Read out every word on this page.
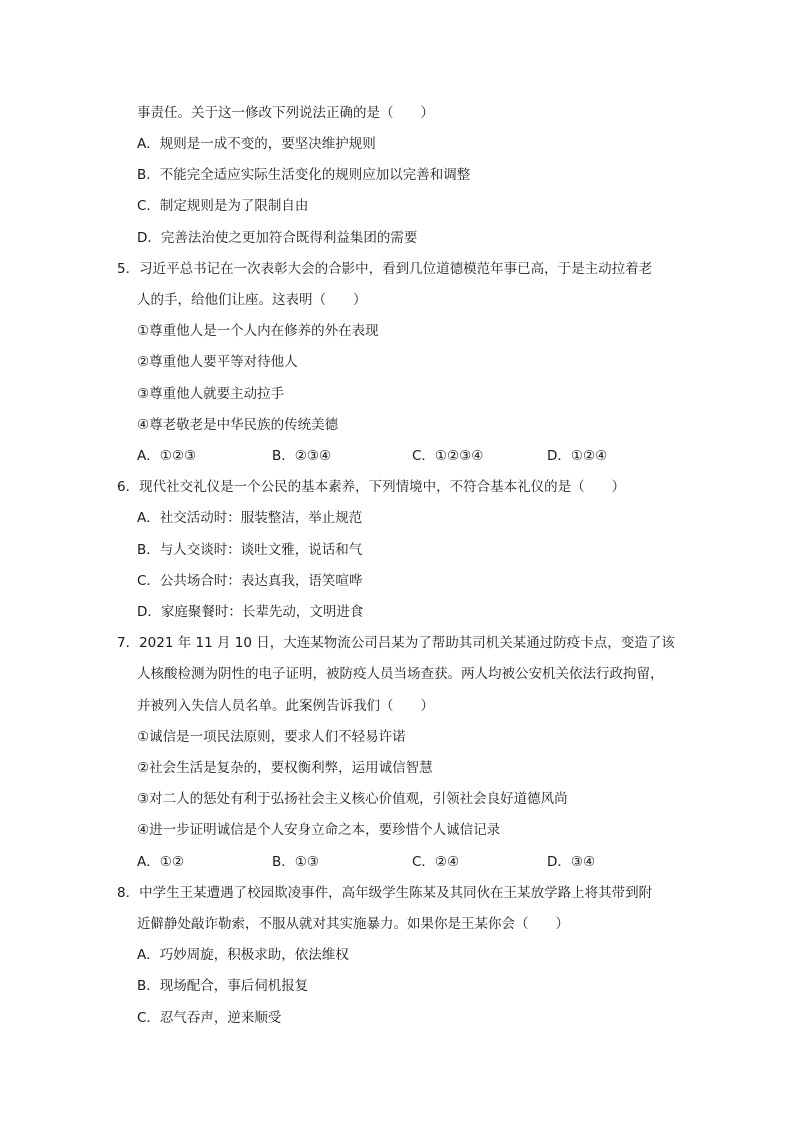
事责任。关于这一修改下列说法正确的是（　　）
A．规则是一成不变的，要坚决维护规则
B．不能完全适应实际生活变化的规则应加以完善和调整
C．制定规则是为了限制自由
D．完善法治使之更加符合既得利益集团的需要
5．习近平总书记在一次表彰大会的合影中，看到几位道德模范年事已高，于是主动拉着老
人的手，给他们让座。这表明（　　）
①尊重他人是一个人内在修养的外在表现
②尊重他人要平等对待他人
③尊重他人就要主动拉手
④尊老敬老是中华民族的传统美德
A．①②③	B．②③④	C．①②③④	D．①②④
6．现代社交礼仪是一个公民的基本素养，下列情境中，不符合基本礼仪的是（　　）
A．社交活动时：服装整洁，举止规范
B．与人交谈时：谈吐文雅，说话和气
C．公共场合时：表达真我，语笑喧哗
D．家庭聚餐时：长辈先动，文明进食
7．2021 年 11 月 10 日，大连某物流公司吕某为了帮助其司机关某通过防疫卡点，变造了该
人核酸检测为阴性的电子证明，被防疫人员当场查获。两人均被公安机关依法行政拘留，
并被列入失信人员名单。此案例告诉我们（　　）
①诚信是一项民法原则，要求人们不轻易许诺
②社会生活是复杂的，要权衡利弊，运用诚信智慧
③对二人的惩处有利于弘扬社会主义核心价值观，引领社会良好道德风尚
④进一步证明诚信是个人安身立命之本，要珍惜个人诚信记录
A．①②	B．①③	C．②④	D．③④
8．中学生王某遭遇了校园欺凌事件，高年级学生陈某及其同伙在王某放学路上将其带到附
近僻静处敲诈勒索，不服从就对其实施暴力。如果你是王某你会（　　）
A．巧妙周旋，积极求助，依法维权
B．现场配合，事后伺机报复
C．忍气吞声，逆来顺受
